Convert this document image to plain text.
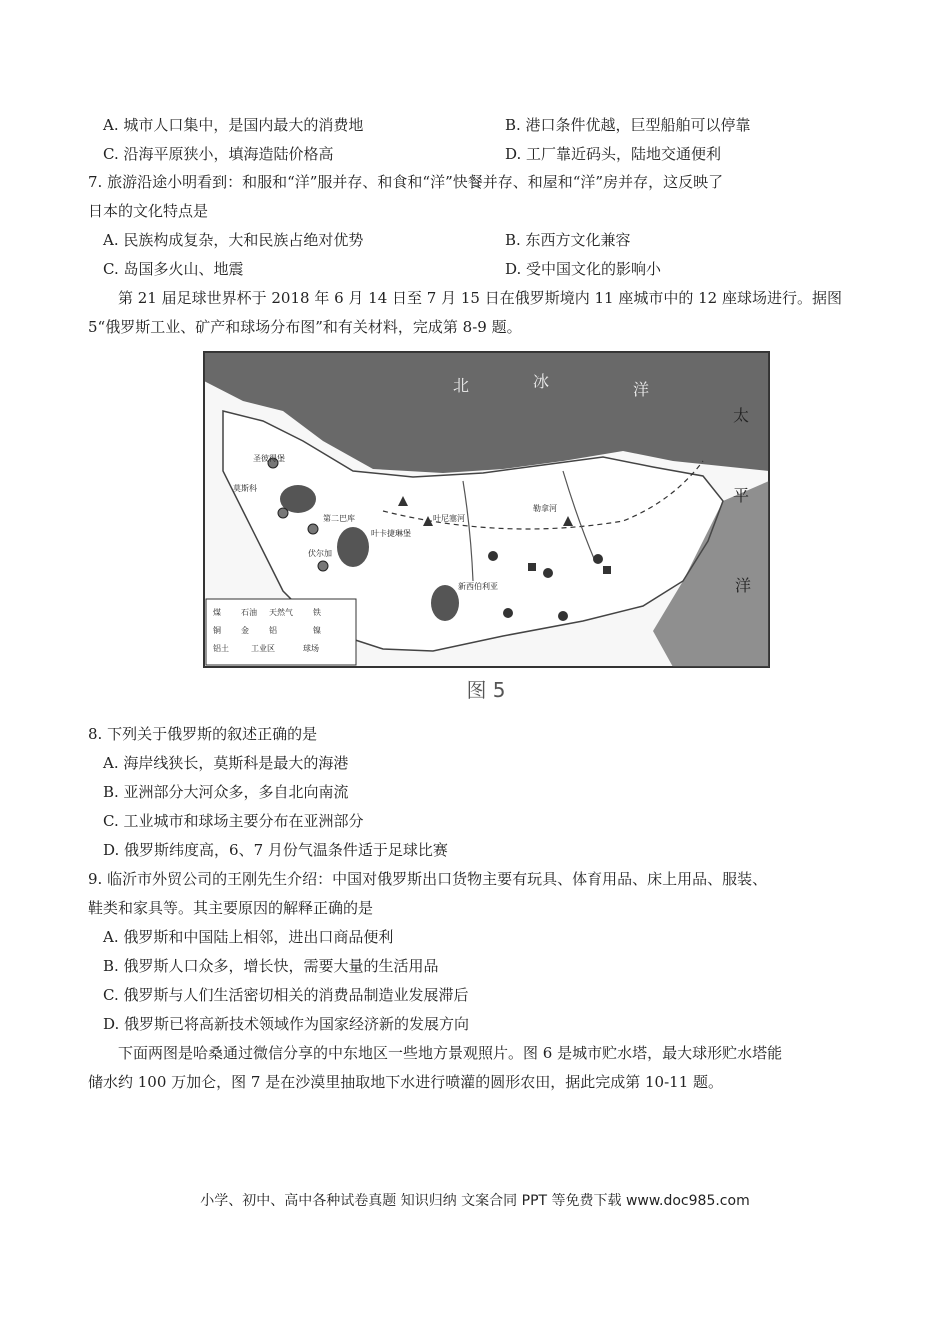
A. 城市人口集中，是国内最大的消费地	B. 港口条件优越，巨型船舶可以停靠
C. 沿海平原狭小，填海造陆价格高	D. 工厂靠近码头，陆地交通便利
7. 旅游沿途小明看到：和服和“洋”服并存、和食和“洋”快餐并存、和屋和“洋”房并存，这反映了
日本的文化特点是
A. 民族构成复杂，大和民族占绝对优势	B. 东西方文化兼容
C. 岛国多火山、地震	D. 受中国文化的影响小
第 21 届足球世界杯于 2018 年 6 月 14 日至 7 月 15 日在俄罗斯境内 11 座城市中的 12 座球场进行。据图
5“俄罗斯工业、矿产和球场分布图”和有关材料，完成第 8-9 题。
煤	石油 天然气	铁
铜	金	铝	镍
铝土	工业区	球场
北	冰	洋
太
平
洋
圣彼得堡
莫斯科
伏尔加
第二巴库
叶卡捷琳堡
新西伯利亚
勒拿河
叶尼塞河
图 5
8. 下列关于俄罗斯的叙述正确的是
A. 海岸线狭长，莫斯科是最大的海港
B. 亚洲部分大河众多，多自北向南流
C. 工业城市和球场主要分布在亚洲部分
D. 俄罗斯纬度高，6、7 月份气温条件适于足球比赛
9. 临沂市外贸公司的王刚先生介绍：中国对俄罗斯出口货物主要有玩具、体育用品、床上用品、服装、
鞋类和家具等。其主要原因的解释正确的是
A. 俄罗斯和中国陆上相邻，进出口商品便利
B. 俄罗斯人口众多，增长快，需要大量的生活用品
C. 俄罗斯与人们生活密切相关的消费品制造业发展滞后
D. 俄罗斯已将高新技术领域作为国家经济新的发展方向
下面两图是哈桑通过微信分享的中东地区一些地方景观照片。图 6 是城市贮水塔，最大球形贮水塔能
储水约 100 万加仑，图 7 是在沙漠里抽取地下水进行喷灌的圆形农田，据此完成第 10-11 题。
小学、初中、高中各种试卷真题 知识归纳 文案合同 PPT 等免费下载 www.doc985.com
